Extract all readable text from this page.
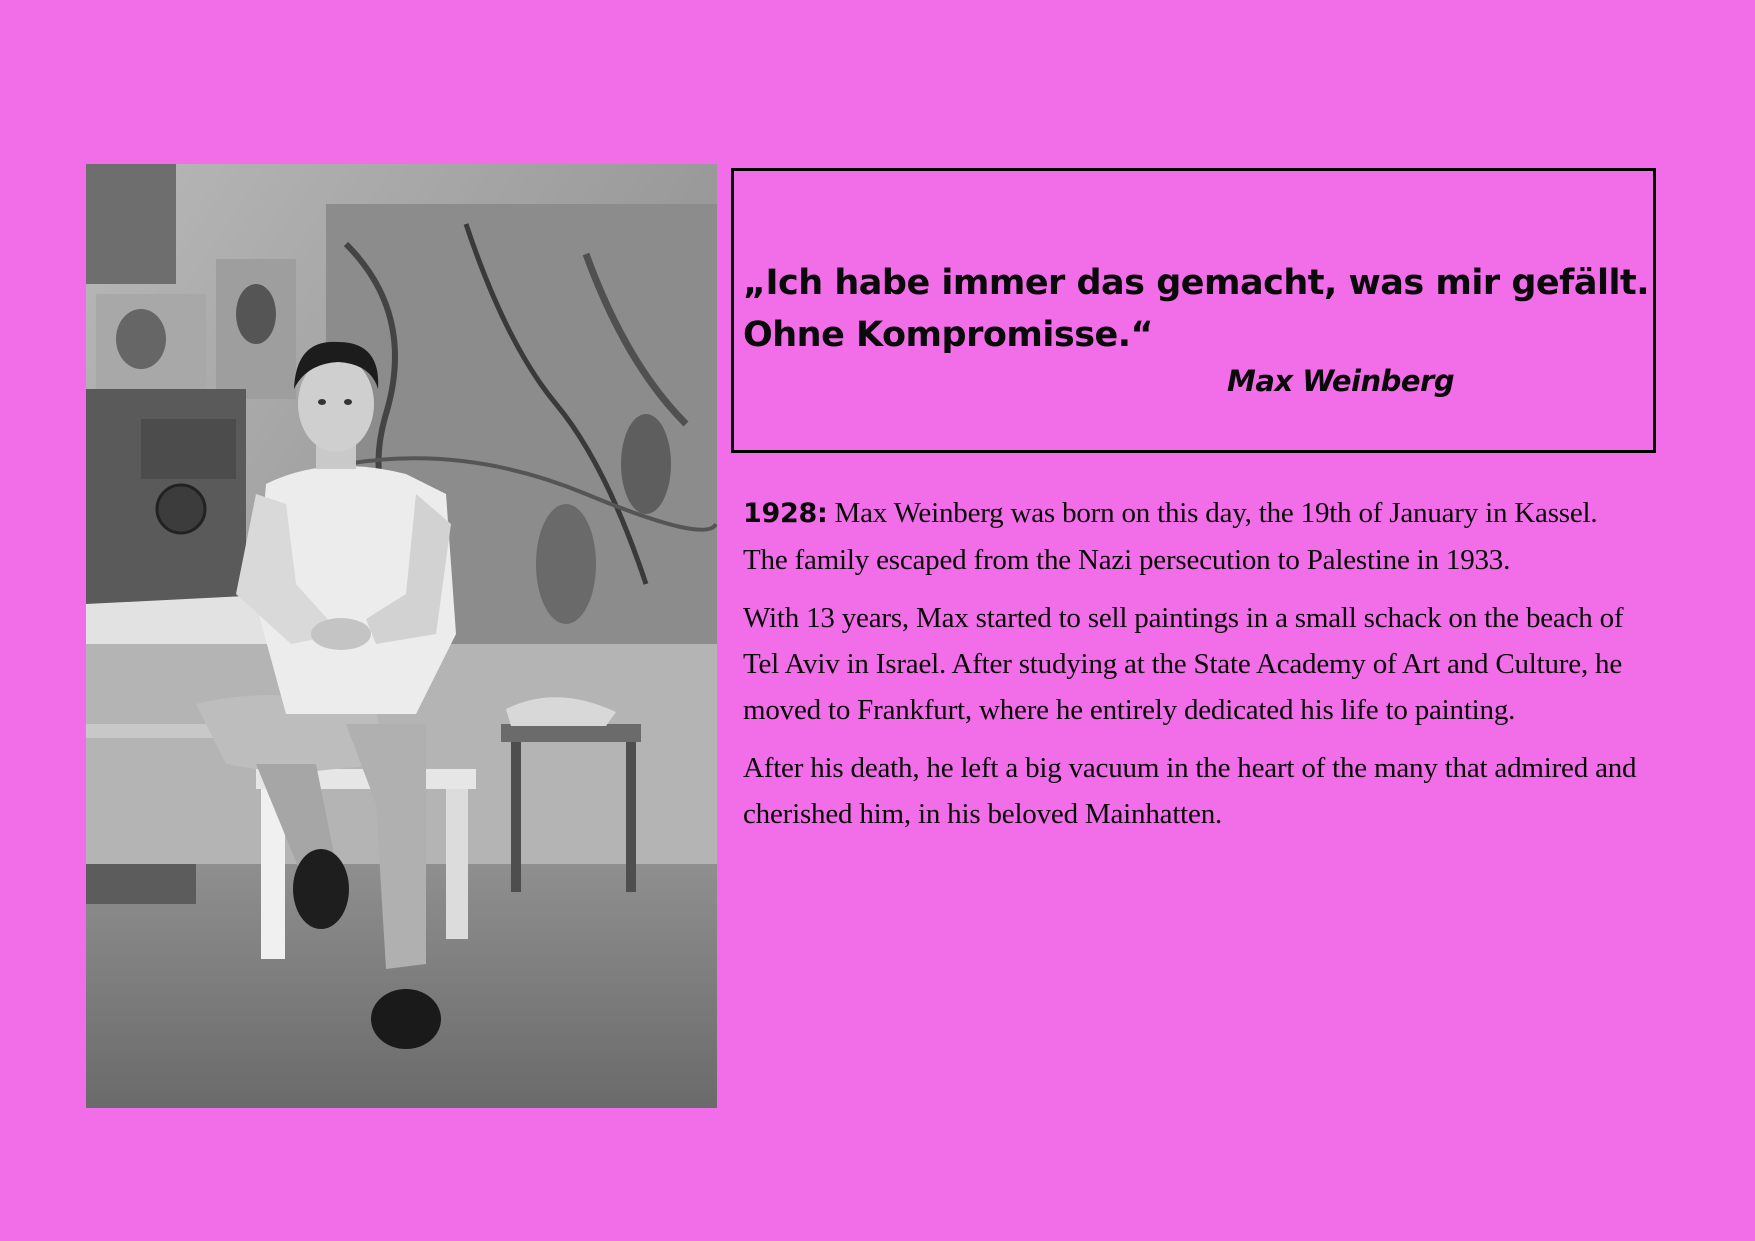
„Ich habe immer das gemacht, was mir gefällt.
Ohne Kompromisse.“

Max Weinberg

1928: Max Weinberg was born on this day, the 19th of January in Kassel. The family escaped from the Nazi persecution to Palestine in 1933.

With 13 years, Max started to sell paintings in a small schack on the beach of Tel Aviv in Israel. After studying at the State Academy of Art and Culture, he moved to Frankfurt, where he entirely dedicated his life to painting.

After his death, he left a big vacuum in the heart of the many that admired and cherished him, in his beloved Mainhatten.
